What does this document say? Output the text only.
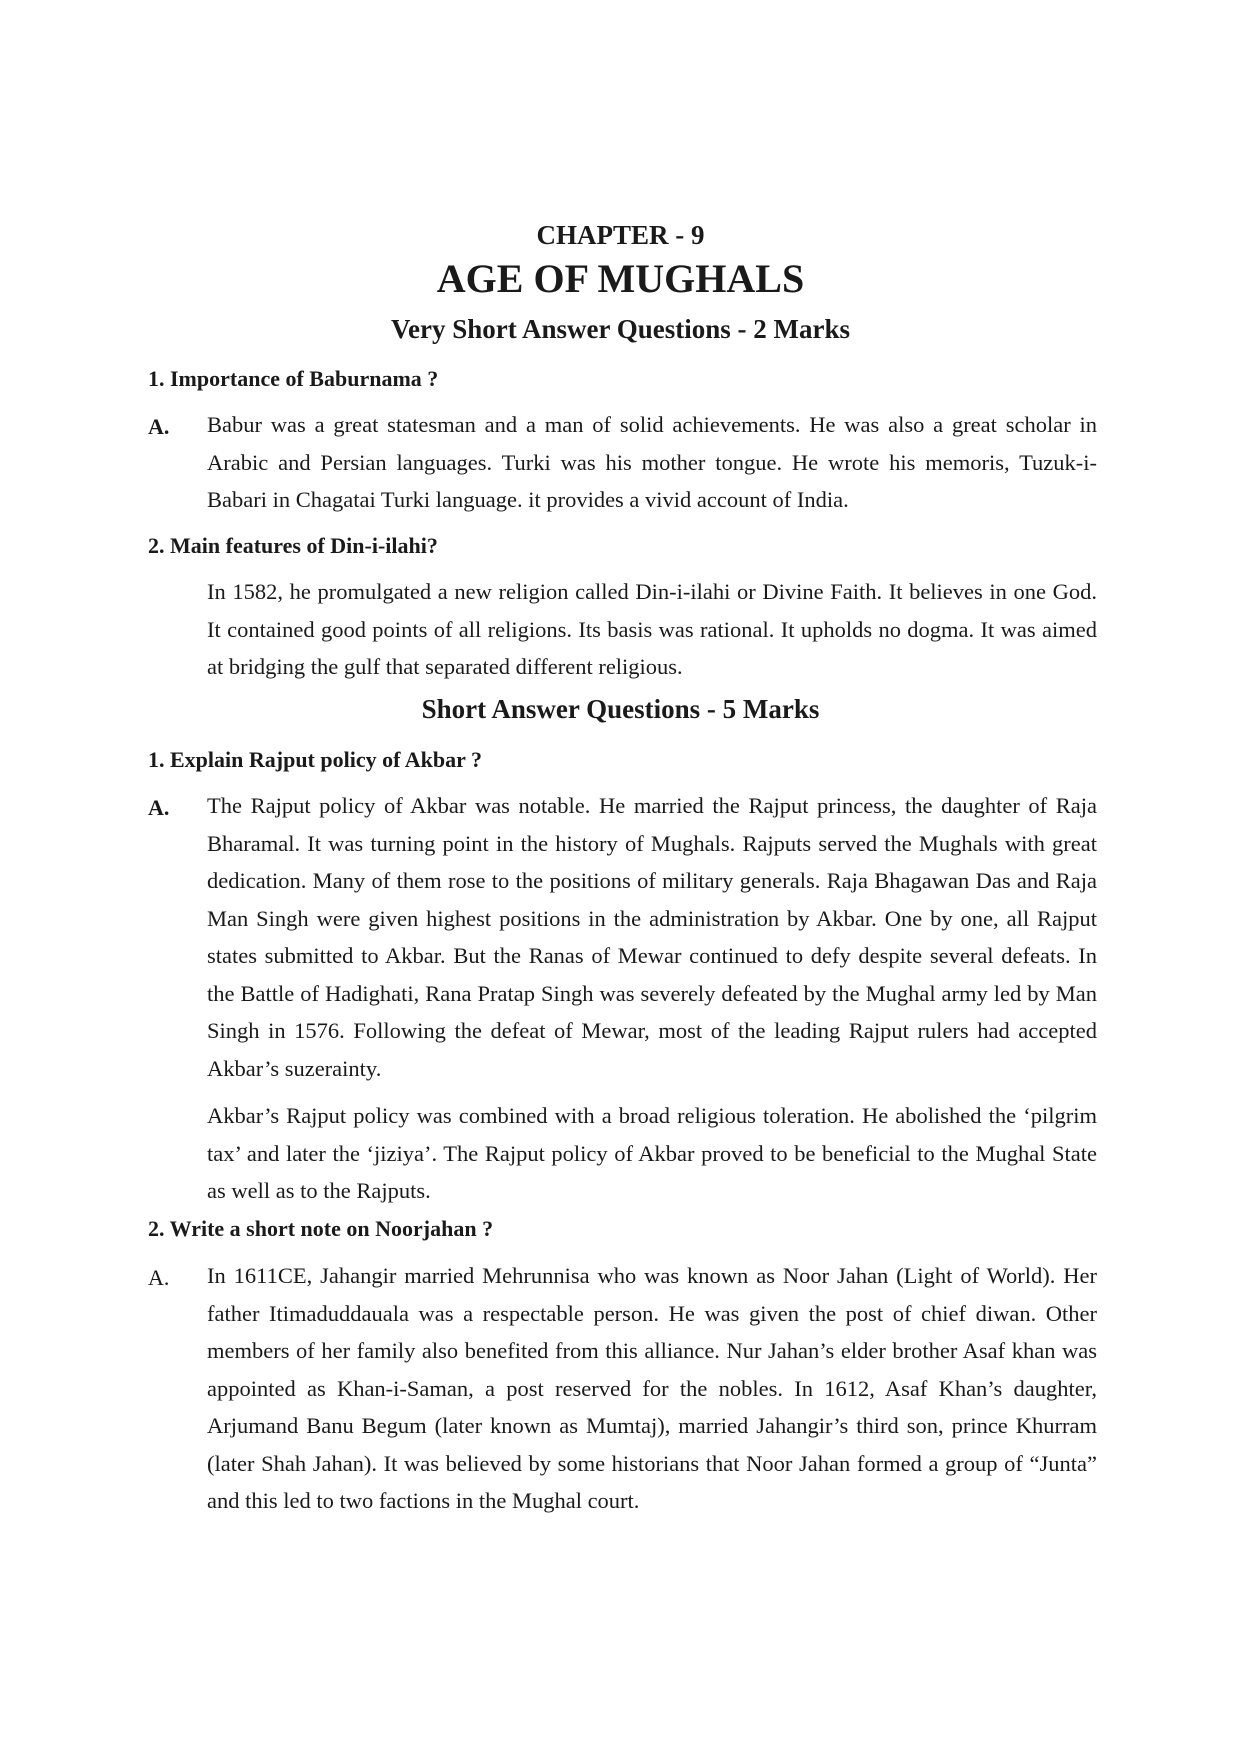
CHAPTER - 9
AGE OF MUGHALS
Very Short Answer Questions - 2 Marks
1. Importance of Baburnama ?
A. Babur was a great statesman and a man of solid achievements. He was also a great scholar in Arabic and Persian languages. Turki was his mother tongue. He wrote his memoris, Tuzuk-i-Babari in Chagatai Turki language. it provides a vivid account of India.
2. Main features of Din-i-ilahi?
In 1582, he promulgated a new religion called Din-i-ilahi or Divine Faith. It believes in one God. It contained good points of all religions. Its basis was rational. It upholds no dogma. It was aimed at bridging the gulf that separated different religious.
Short Answer Questions - 5 Marks
1. Explain Rajput policy of Akbar ?
A. The Rajput policy of Akbar was notable. He married the Rajput princess, the daughter of Raja Bharamal. It was turning point in the history of Mughals. Rajputs served the Mughals with great dedication. Many of them rose to the positions of military generals. Raja Bhagawan Das and Raja Man Singh were given highest positions in the administration by Akbar. One by one, all Rajput states submitted to Akbar. But the Ranas of Mewar continued to defy despite several defeats. In the Battle of Hadighati, Rana Pratap Singh was severely defeated by the Mughal army led by Man Singh in 1576. Following the defeat of Mewar, most of the leading Rajput rulers had accepted Akbar’s suzerainty.
Akbar’s Rajput policy was combined with a broad religious toleration. He abolished the ‘pilgrim tax’ and later the ‘jiziya’. The Rajput policy of Akbar proved to be beneficial to the Mughal State as well as to the Rajputs.
2. Write a short note on Noorjahan ?
A. In 1611CE, Jahangir married Mehrunnisa who was known as Noor Jahan (Light of World). Her father Itimaduddauala was a respectable person. He was given the post of chief diwan. Other members of her family also benefited from this alliance. Nur Jahan’s elder brother Asaf khan was appointed as Khan-i-Saman, a post reserved for the nobles. In 1612, Asaf Khan’s daughter, Arjumand Banu Begum (later known as Mumtaj), married Jahangir’s third son, prince Khurram (later Shah Jahan). It was believed by some historians that Noor Jahan formed a group of “Junta” and this led to two factions in the Mughal court.
